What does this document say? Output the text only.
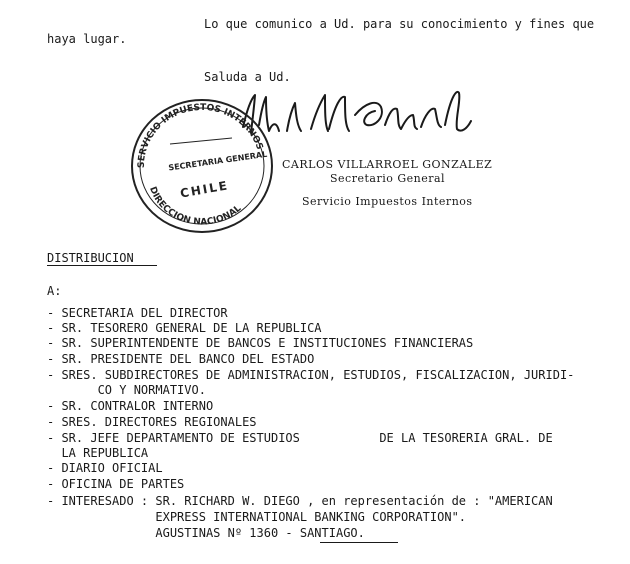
Lo que comunico a Ud. para su conocimiento y fines que
haya lugar.
Saluda a Ud.
SERVICIO IMPUESTOS INTERNOS
SECRETARIA GENERAL
CHILE
DIRECCION NACIONAL
CARLOS VILLARROEL GONZALEZ
Secretario General
Servicio Impuestos Internos
DISTRIBUCION
A:
- SECRETARIA DEL DIRECTOR
- SR. TESORERO GENERAL DE LA REPUBLICA
- SR. SUPERINTENDENTE DE BANCOS E INSTITUCIONES FINANCIERAS
- SR. PRESIDENTE DEL BANCO DEL ESTADO
- SRES. SUBDIRECTORES DE ADMINISTRACION, ESTUDIOS, FISCALIZACION, JURIDI-
CO Y NORMATIVO.
- SR. CONTRALOR INTERNO
- SRES. DIRECTORES REGIONALES
- SR. JEFE DEPARTAMENTO DE ESTUDIOS           DE LA TESORERIA GRAL. DE
LA REPUBLICA
- DIARIO OFICIAL
- OFICINA DE PARTES
- INTERESADO : SR. RICHARD W. DIEGO , en representación de : "AMERICAN
EXPRESS INTERNATIONAL BANKING CORPORATION".
AGUSTINAS Nº 1360 - SANTIAGO.
